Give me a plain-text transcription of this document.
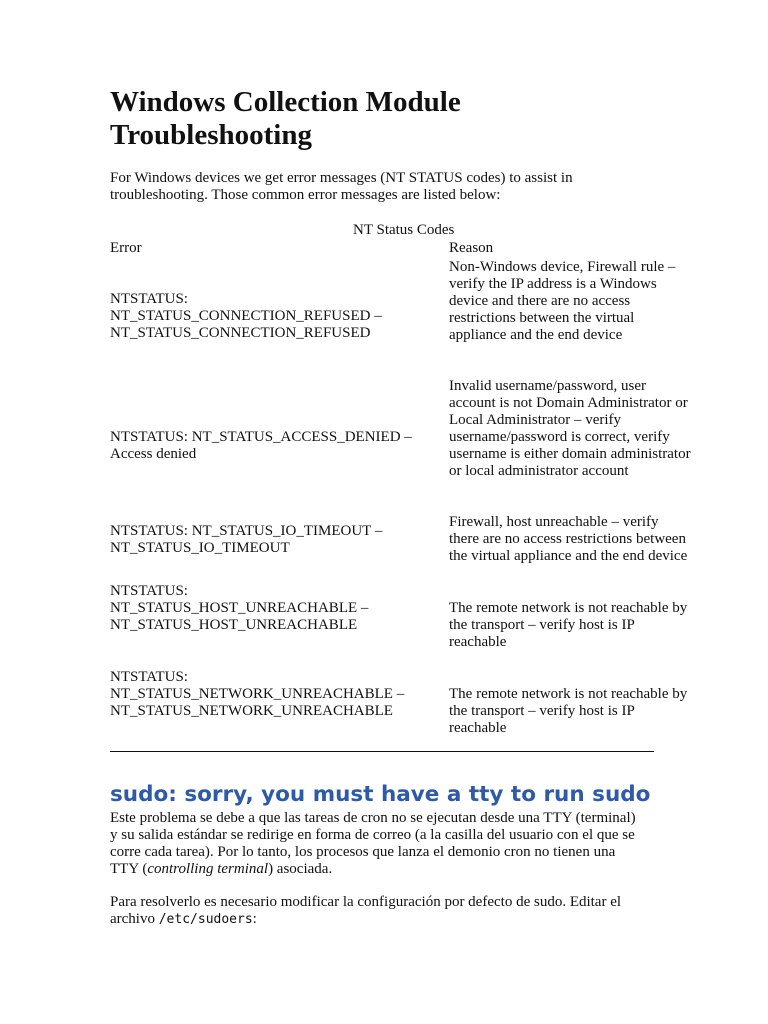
Windows Collection Module
Troubleshooting
For Windows devices we get error messages (NT STATUS codes) to assist in
troubleshooting. Those common error messages are listed below:
NT Status Codes
Error	Reason
NTSTATUS:
NT_STATUS_CONNECTION_REFUSED –
NT_STATUS_CONNECTION_REFUSED
Non-Windows device, Firewall rule –
verify the IP address is a Windows
device and there are no access
restrictions between the virtual
appliance and the end device
NTSTATUS: NT_STATUS_ACCESS_DENIED –
Access denied
Invalid username/password, user
account is not Domain Administrator or
Local Administrator – verify
username/password is correct, verify
username is either domain administrator
or local administrator account
NTSTATUS: NT_STATUS_IO_TIMEOUT –
NT_STATUS_IO_TIMEOUT
Firewall, host unreachable – verify
there are no access restrictions between
the virtual appliance and the end device
NTSTATUS:
NT_STATUS_HOST_UNREACHABLE –
NT_STATUS_HOST_UNREACHABLE
The remote network is not reachable by
the transport – verify host is IP
reachable
NTSTATUS:
NT_STATUS_NETWORK_UNREACHABLE –
NT_STATUS_NETWORK_UNREACHABLE
The remote network is not reachable by
the transport – verify host is IP
reachable
sudo: sorry, you must have a tty to run sudo
Este problema se debe a que las tareas de cron no se ejecutan desde una TTY (terminal)
y su salida estándar se redirige en forma de correo (a la casilla del usuario con el que se
corre cada tarea). Por lo tanto, los procesos que lanza el demonio cron no tienen una
TTY (controlling terminal) asociada.
Para resolverlo es necesario modificar la configuración por defecto de sudo. Editar el
archivo /etc/sudoers:
